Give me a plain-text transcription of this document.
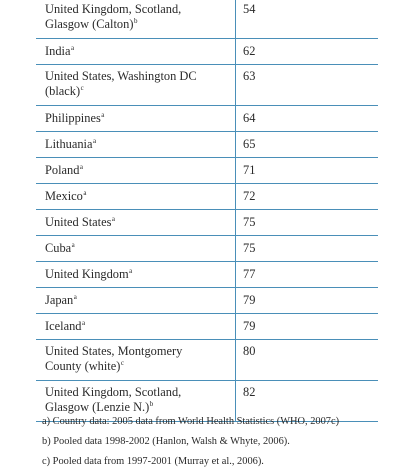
United Kingdom, Scotland,
Glasgow (Calton)$^b$	54

India$^a$	62

United States, Washington DC
(black)$^c$	63

Philippines$^a$	64

Lithuania$^a$	65

Poland$^a$	71

Mexico$^a$	72

United States$^a$	75

Cuba$^a$	75

United Kingdom$^a$	77

Japan$^a$	79

Iceland$^a$	79

United States, Montgomery
County (white)$^c$	80

United Kingdom, Scotland,
Glasgow (Lenzie N.)$^b$	82

a) Country data: 2005 data from World Health Statistics (WHO, 2007c)

b) Pooled data 1998-2002 (Hanlon, Walsh & Whyte, 2006).

c) Pooled data from 1997-2001 (Murray et al., 2006).
